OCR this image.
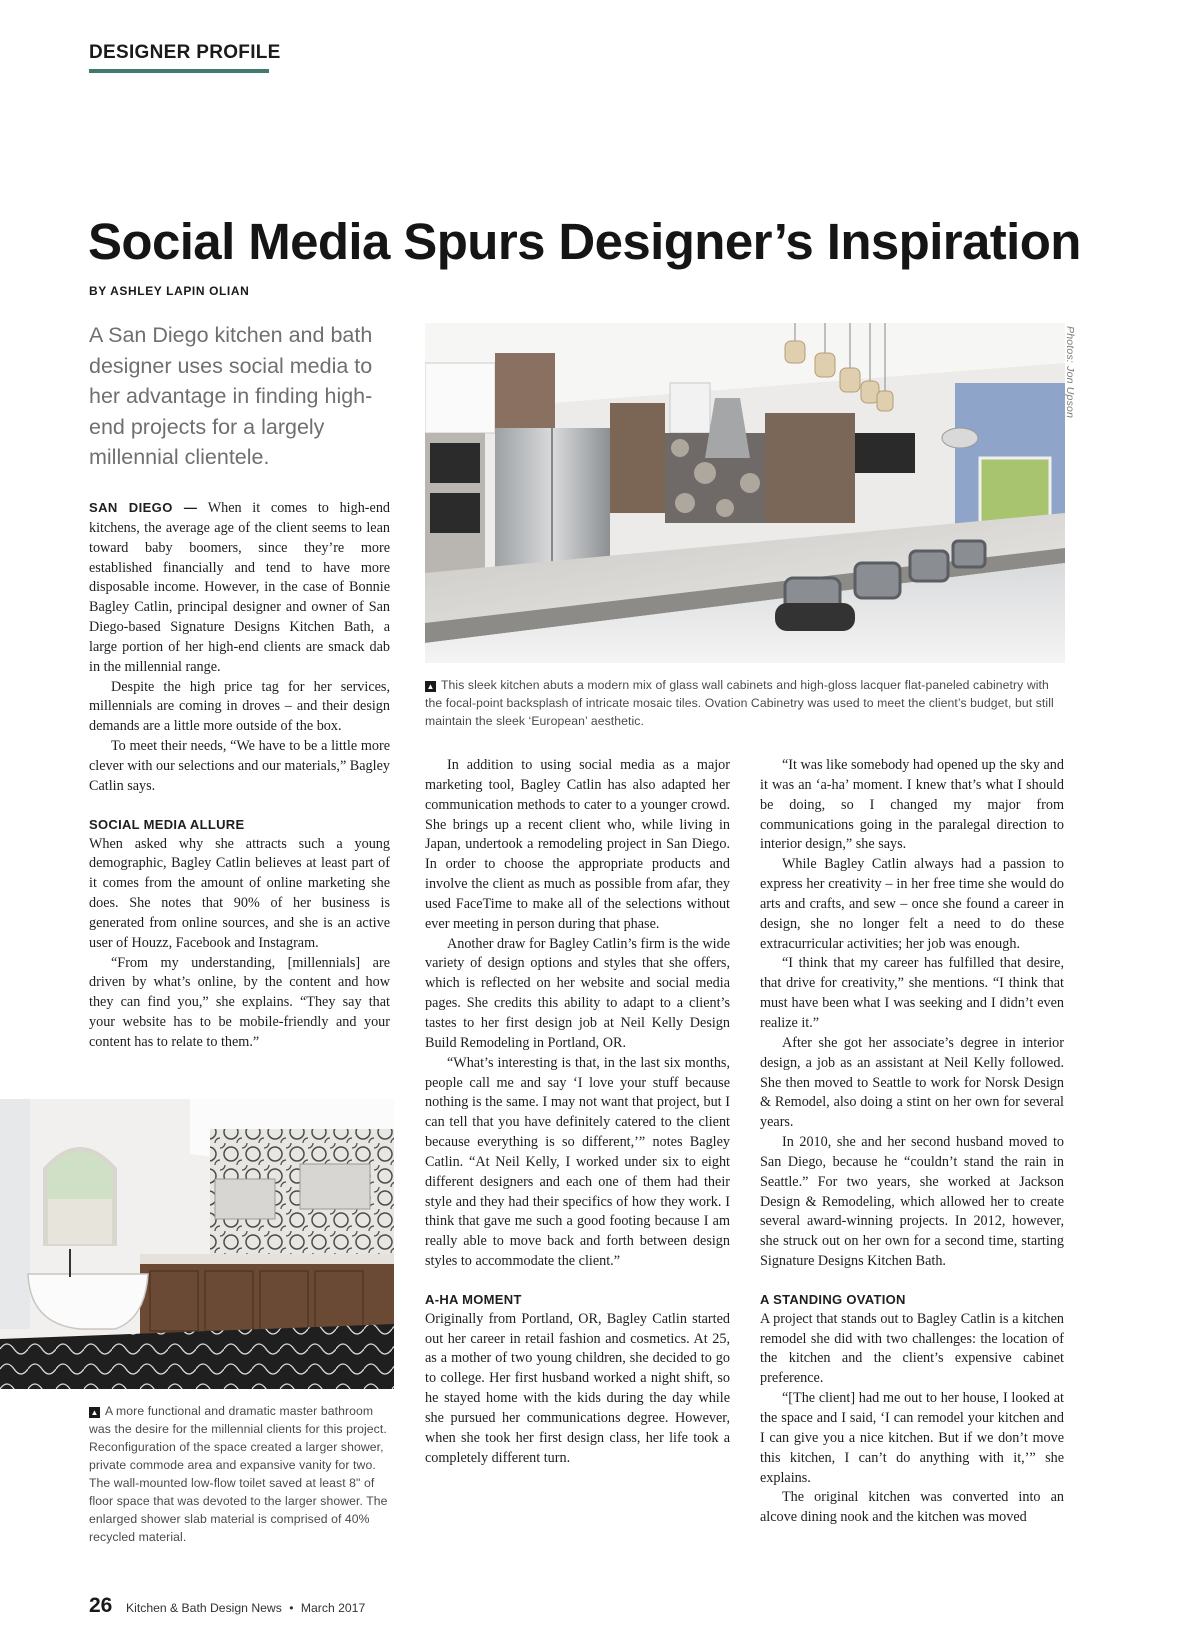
DESIGNER PROFILE
Social Media Spurs Designer’s Inspiration
BY ASHLEY LAPIN OLIAN
A San Diego kitchen and bath designer uses social media to her advantage in finding high-end projects for a largely millennial clientele.
Photos: Jon Upson
▲ This sleek kitchen abuts a modern mix of glass wall cabinets and high-gloss lacquer flat-paneled cabinetry with the focal-point backsplash of intricate mosaic tiles. Ovation Cabinetry was used to meet the client’s budget, but still maintain the sleek ‘European’ aesthetic.

SAN DIEGO — When it comes to high-end kitchens, the average age of the client seems to lean toward baby boomers, since they’re more established financially and tend to have more disposable income. However, in the case of Bonnie Bagley Catlin, principal designer and owner of San Diego-based Signature Designs Kitchen Bath, a large portion of her high-end clients are smack dab in the millennial range.

Despite the high price tag for her services, millennials are coming in droves – and their design demands are a little more outside of the box.

To meet their needs, “We have to be a little more clever with our selections and our materials,” Bagley Catlin says.

SOCIAL MEDIA ALLURE

When asked why she attracts such a young demographic, Bagley Catlin believes at least part of it comes from the amount of online marketing she does. She notes that 90% of her business is generated from online sources, and she is an active user of Houzz, Facebook and Instagram.

“From my understanding, [millennials] are driven by what’s online, by the content and how they can find you,” she explains. “They say that your website has to be mobile-friendly and your content has to relate to them.”

▲ A more functional and dramatic master bathroom was the desire for the millennial clients for this project. Reconfiguration of the space created a larger shower, private commode area and expansive vanity for two. The wall-mounted low-flow toilet saved at least 8" of floor space that was devoted to the larger shower. The enlarged shower slab material is comprised of 40% recycled material.

In addition to using social media as a major marketing tool, Bagley Catlin has also adapted her communication methods to cater to a younger crowd. She brings up a recent client who, while living in Japan, undertook a remodeling project in San Diego. In order to choose the appropriate products and involve the client as much as possible from afar, they used FaceTime to make all of the selections without ever meeting in person during that phase.

Another draw for Bagley Catlin’s firm is the wide variety of design options and styles that she offers, which is reflected on her website and social media pages. She credits this ability to adapt to a client’s tastes to her first design job at Neil Kelly Design Build Remodeling in Portland, OR.

“What’s interesting is that, in the last six months, people call me and say ‘I love your stuff because nothing is the same. I may not want that project, but I can tell that you have definitely catered to the client because everything is so different,’” notes Bagley Catlin. “At Neil Kelly, I worked under six to eight different designers and each one of them had their style and they had their specifics of how they work. I think that gave me such a good footing because I am really able to move back and forth between design styles to accommodate the client.”

A-HA MOMENT

Originally from Portland, OR, Bagley Catlin started out her career in retail fashion and cosmetics. At 25, as a mother of two young children, she decided to go to college. Her first husband worked a night shift, so he stayed home with the kids during the day while she pursued her communications degree. However, when she took her first design class, her life took a completely different turn.

“It was like somebody had opened up the sky and it was an ‘a-ha’ moment. I knew that’s what I should be doing, so I changed my major from communications going in the paralegal direction to interior design,” she says.

While Bagley Catlin always had a passion to express her creativity – in her free time she would do arts and crafts, and sew – once she found a career in design, she no longer felt a need to do these extracurricular activities; her job was enough.

“I think that my career has fulfilled that desire, that drive for creativity,” she mentions. “I think that must have been what I was seeking and I didn’t even realize it.”

After she got her associate’s degree in interior design, a job as an assistant at Neil Kelly followed. She then moved to Seattle to work for Norsk Design & Remodel, also doing a stint on her own for several years.

In 2010, she and her second husband moved to San Diego, because he “couldn’t stand the rain in Seattle.” For two years, she worked at Jackson Design & Remodeling, which allowed her to create several award-winning projects. In 2012, however, she struck out on her own for a second time, starting Signature Designs Kitchen Bath.

A STANDING OVATION

A project that stands out to Bagley Catlin is a kitchen remodel she did with two challenges: the location of the kitchen and the client’s expensive cabinet preference.

“[The client] had me out to her house, I looked at the space and I said, ‘I can remodel your kitchen and I can give you a nice kitchen. But if we don’t move this kitchen, I can’t do anything with it,’” she explains.

The original kitchen was converted into an alcove dining nook and the kitchen was moved

26 Kitchen & Bath Design News • March 2017
